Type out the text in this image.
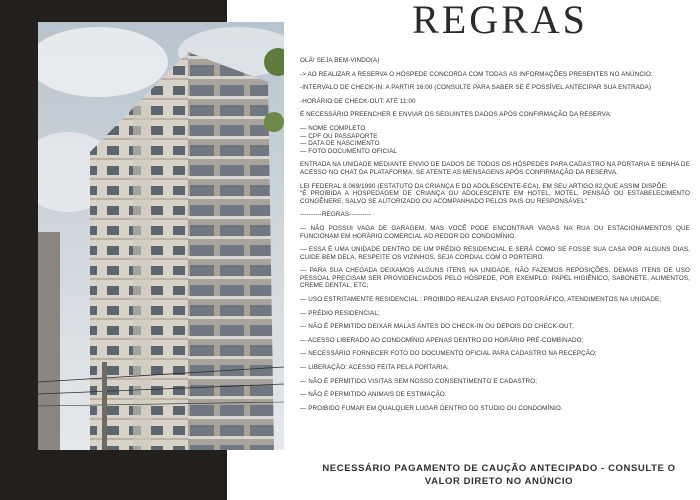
REGRAS

OLÁ! SEJA BEM-VINDO(A)

-> AO REALIZAR A RESERVA O HÓSPEDE CONCORDA COM TODAS AS INFORMAÇÕES PRESENTES NO ANÚNCIO:

-INTERVALO DE CHECK-IN: A PARTIR 16:00 (CONSULTE PARA SABER SE É POSSÍVEL ANTECIPAR SUA ENTRADA)

-HORÁRIO DE CHECK-OUT: ATÉ 11:00

É NECESSÁRIO PREENCHER E ENVIAR OS SEGUINTES DADOS APÓS CONFIRMAÇÃO DA RESERVA:

— NOME COMPLETO
— CPF OU PASSAPORTE
— DATA DE NASCIMENTO
— FOTO DOCUMENTO OFICIAL

ENTRADA NA UNIDADE MEDIANTE ENVIO DE DADOS DE TODOS OS HÓSPEDES PARA CADASTRO NA PORTARIA E SENHA DE ACESSO NO CHAT DA PLATAFORMA, SE ATENTE AS MENSAGENS APÓS CONFIRMAÇÃO DA RESERVA.

LEI FEDERAL 8.069/1990 (ESTATUTO DA CRIANÇA E DO ADOLESCENTE-ECA), EM SEU ARTIGO 82,QUE ASSIM DISPÕE:

“É PROIBIDA A HOSPEDAGEM DE CRIANÇA OU ADOLESCENTE EM HOTEL, MOTEL, PENSÃO OU ESTABELECIMENTO CONGÊNERE, SALVO SE AUTORIZADO OU ACOMPANHADO PELOS PAIS OU RESPONSÁVEL”

----------REGRAS----------

— NÃO POSSUI VAGA DE GARAGEM, MAS VOCÊ PODE ENCONTRAR VAGAS NA RUA OU ESTACIONAMENTOS QUE FUNCIONAM EM HORÁRIO COMERCIAL AO REDOR DO CONDOMÍNIO.

— ESSA É UMA UNIDADE DENTRO DE UM PRÉDIO RESIDENCIAL E SERÁ COMO SE FOSSE SUA CASA POR ALGUNS DIAS, CUIDE BEM DELA, RESPEITE OS VIZINHOS, SEJA CORDIAL COM O PORTEIRO.

— PARA SUA CHEGADA DEIXAMOS ALGUNS ITENS NA UNIDADE, NÃO FAZEMOS REPOSIÇÕES, DEMAIS ITENS DE USO PESSOAL PRECISAM SER PROVIDENCIADOS PELO HÓSPEDE, POR EXEMPLO: PAPEL HIGIÊNICO, SABONETE, ALIMENTOS, CREME DENTAL, ETC;

— USO ESTRITAMENTE RESIDENCIAL : PROIBIDO REALIZAR ENSAIO FOTOGRÁFICO, ATENDIMENTOS NA UNIDADE;

— PRÉDIO RESIDENCIAL;

— NÃO É PERMITIDO DEIXAR MALAS ANTES DO CHECK-IN OU DEPOIS DO CHECK-OUT,

— ACESSO LIBERADO AO CONDOMÍNIO APENAS DENTRO DO HORÁRIO PRÉ-COMBINADO;

— NECESSÁRIO FORNECER FOTO DO DOCUMENTO OFICIAL PARA CADASTRO NA RECEPÇÃO;

— LIBERAÇÃO: ACESSO FEITA PELA PORTARIA;

— NÃO É PERMITIDO VISITAS SEM NOSSO CONSENTIMENTO E CADASTRO;

— NÃO É PERMITIDO ANIMAIS DE ESTIMAÇÃO.

— PROIBIDO FUMAR EM QUALQUER LUGAR DENTRO DO STUDIO OU CONDOMÍNIO.

NECESSÁRIO PAGAMENTO DE CAUÇÃO ANTECIPADO - CONSULTE O
VALOR DIRETO NO ANÚNCIO
